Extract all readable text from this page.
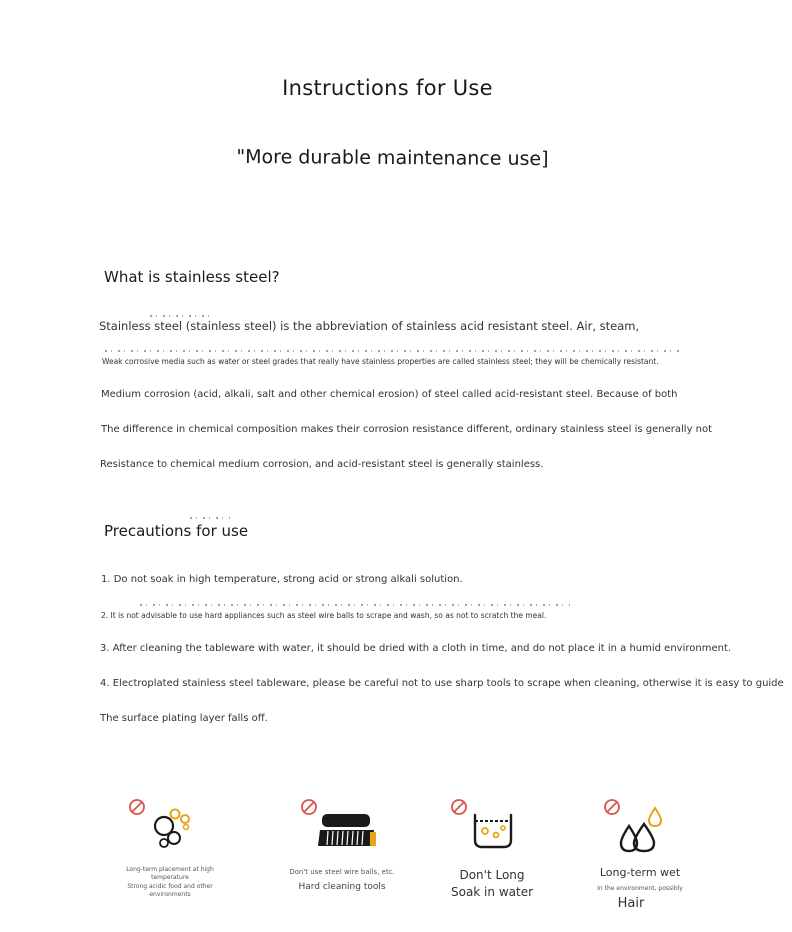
Instructions for Use
"More durable maintenance use]
What is stainless steel?
Stainless steel (stainless steel) is the abbreviation of stainless acid resistant steel. Air, steam,
Weak corrosive media such as water or steel grades that really have stainless properties are called stainless steel; they will be chemically resistant.
Medium corrosion (acid, alkali, salt and other chemical erosion) of steel called acid-resistant steel. Because of both
The difference in chemical composition makes their corrosion resistance different, ordinary stainless steel is generally not
Resistance to chemical medium corrosion, and acid-resistant steel is generally stainless.
Precautions for use
1. Do not soak in high temperature, strong acid or strong alkali solution.
2. It is not advisable to use hard appliances such as steel wire balls to scrape and wash, so as not to scratch the meal.
3. After cleaning the tableware with water, it should be dried with a cloth in time, and do not place it in a humid environment.
4. Electroplated stainless steel tableware, please be careful not to use sharp tools to scrape when cleaning, otherwise it is easy to guide
The surface plating layer falls off.
Long-term placement at high
temperature
Strong acidic food and other
environments
Don't use steel wire balls, etc.
Hard cleaning tools
Don't Long
Soak in water
Long-term wet
In the environment, possibly
Hair
